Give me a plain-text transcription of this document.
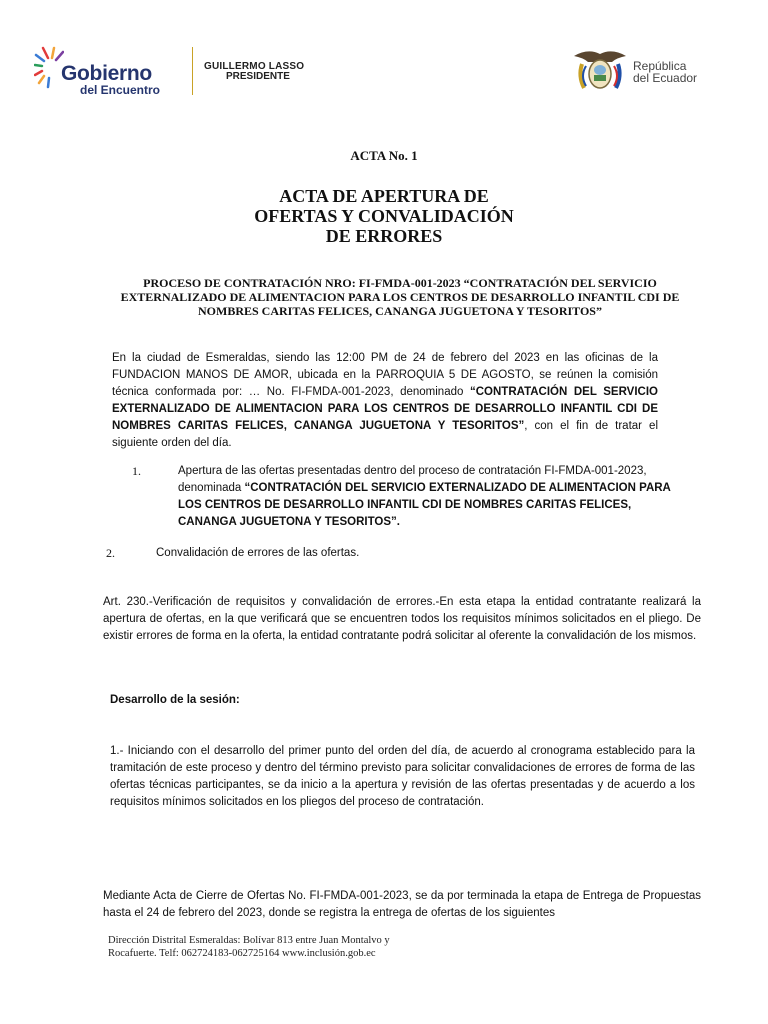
Gobierno
del Encuentro
GUILLERMO LASSO
PRESIDENTE
República
del Ecuador
ACTA No. 1
ACTA DE APERTURA DE
OFERTAS Y CONVALIDACIÓN
DE ERRORES
PROCESO DE CONTRATACIÓN NRO: FI-FMDA-001-2023 “CONTRATACIÓN DEL SERVICIO EXTERNALIZADO DE ALIMENTACION PARA LOS CENTROS DE DESARROLLO INFANTIL CDI DE NOMBRES CARITAS FELICES, CANANGA JUGUETONA Y TESORITOS”
En la ciudad de Esmeraldas, siendo las 12:00 PM de 24 de febrero del 2023 en las oficinas de la FUNDACION MANOS DE AMOR, ubicada en la PARROQUIA 5 DE AGOSTO, se reúnen la comisión técnica conformada por: … No. FI-FMDA-001-2023, denominado “CONTRATACIÓN DEL SERVICIO EXTERNALIZADO DE ALIMENTACION PARA LOS CENTROS DE DESARROLLO INFANTIL CDI DE NOMBRES CARITAS FELICES, CANANGA JUGUETONA Y TESORITOS”, con el fin de tratar el siguiente orden del día.
1.	Apertura de las ofertas presentadas dentro del proceso de contratación FI-FMDA-001-2023, denominada “CONTRATACIÓN DEL SERVICIO EXTERNALIZADO DE ALIMENTACION PARA LOS CENTROS DE DESARROLLO INFANTIL CDI DE NOMBRES CARITAS FELICES, CANANGA JUGUETONA Y TESORITOS”.
2.	Convalidación de errores de las ofertas.
Art. 230.-Verificación de requisitos y convalidación de errores.-En esta etapa la entidad contratante realizará la apertura de ofertas, en la que verificará que se encuentren todos los requisitos mínimos solicitados en el pliego. De existir errores de forma en la oferta, la entidad contratante podrá solicitar al oferente la convalidación de los mismos.
Desarrollo de la sesión:
1.- Iniciando con el desarrollo del primer punto del orden del día, de acuerdo al cronograma establecido para la tramitación de este proceso y dentro del término previsto para solicitar convalidaciones de errores de forma de las ofertas técnicas participantes, se da inicio a la apertura y revisión de las ofertas presentadas y de acuerdo a los requisitos mínimos solicitados en los pliegos del proceso de contratación.
Mediante Acta de Cierre de Ofertas No. FI-FMDA-001-2023, se da por terminada la etapa de Entrega de Propuestas hasta el 24 de febrero del 2023, donde se registra la entrega de ofertas de los siguientes
Dirección Distrital Esmeraldas: Bolívar 813 entre Juan Montalvo y
Rocafuerte. Telf: 062724183-062725164 www.inclusión.gob.ec
